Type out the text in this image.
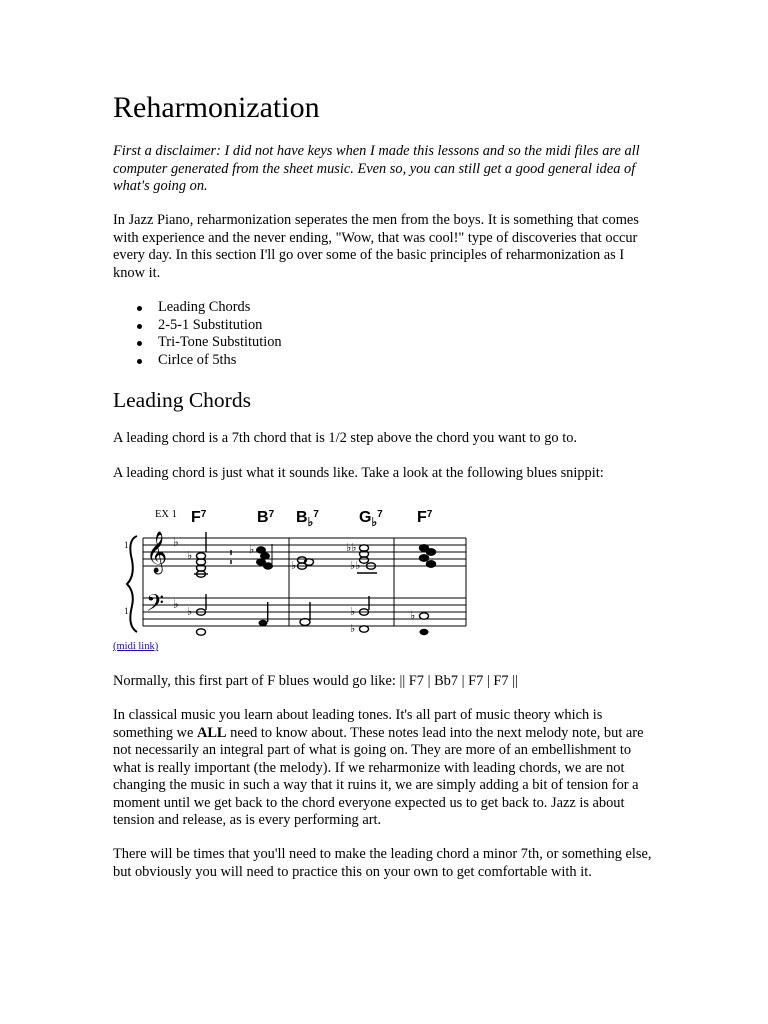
Reharmonization

First a disclaimer: I did not have keys when I made this lessons and so the midi files are all computer generated from the sheet music. Even so, you can still get a good general idea of what's going on.

In Jazz Piano, reharmonization seperates the men from the boys. It is something that comes with experience and the never ending, "Wow, that was cool!" type of discoveries that occur every day. In this section I'll go over some of the basic principles of reharmonization as I know it.

Leading Chords
2-5-1 Substitution
Tri-Tone Substitution
Cirlce of 5ths
Leading Chords

A leading chord is a 7th chord that is 1/2 step above the chord you want to go to.

A leading chord is just what it sounds like. Take a look at the following blues snippit:

EX 1 $F^7$	$B^7$ $B_♭^7$	$G_♭^7$ $F^7$
1
1
𝄞
𝄢
♭
♭
♭	♭
♭
♭♭
♭♭
♭	♭
♭
♭
(midi link)

Normally, this first part of F blues would go like: || F7 | Bb7 | F7 | F7 ||

In classical music you learn about leading tones. It's all part of music theory which is something we ALL need to know about. These notes lead into the next melody note, but are not necessarily an integral part of what is going on. They are more of an embellishment to what is really important (the melody). If we reharmonize with leading chords, we are not changing the music in such a way that it ruins it, we are simply adding a bit of tension for a moment until we get back to the chord everyone expected us to get back to. Jazz is about tension and release, as is every performing art.

There will be times that you'll need to make the leading chord a minor 7th, or something else, but obviously you will need to practice this on your own to get comfortable with it.
